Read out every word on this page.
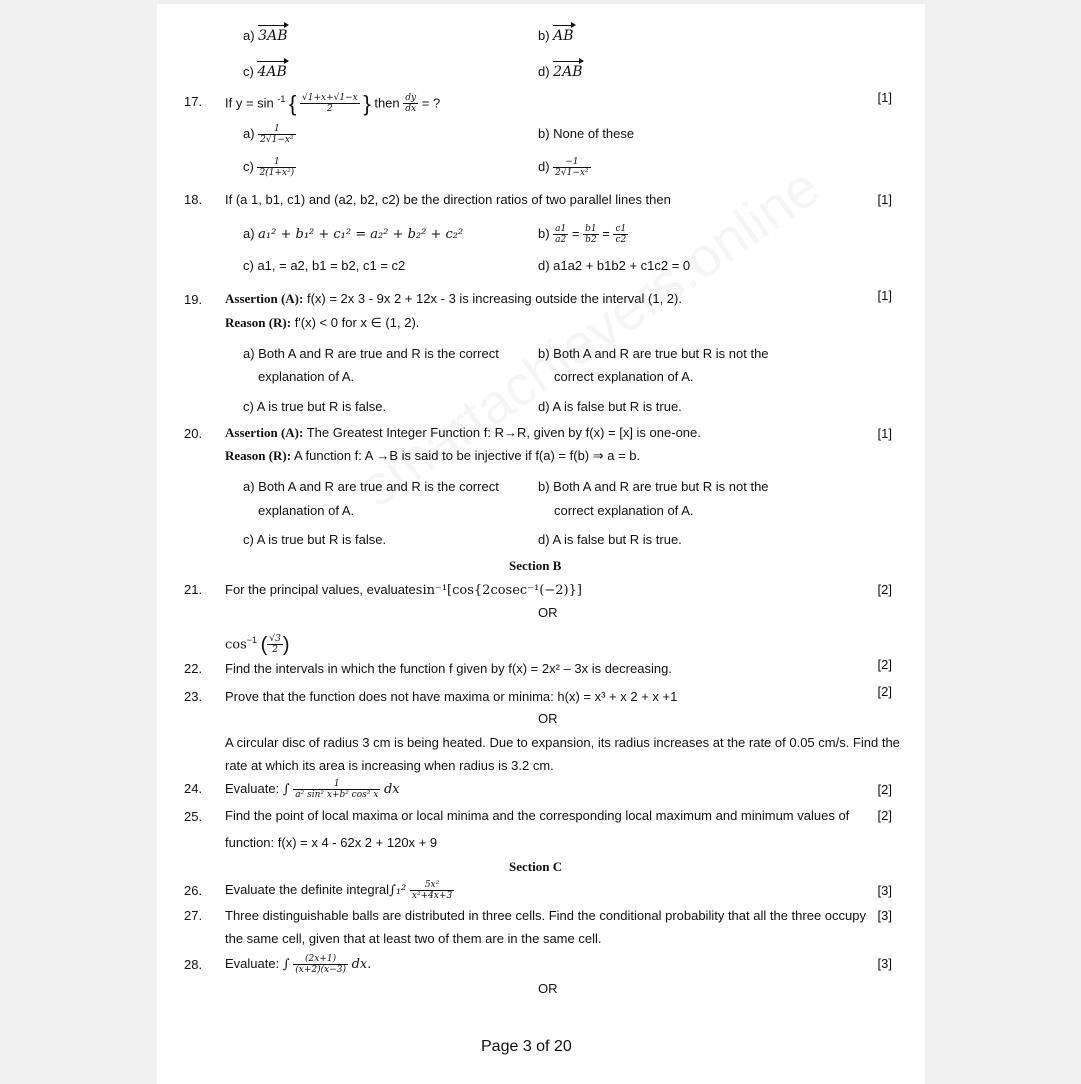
a) 3AB	b) AB
c) 4AB	d) 2AB
17. If y = sin $^{-1}$ { $\frac{√1+x+√1-x}{2}$ } then $\frac{dy}{dx}$ = ?	[1]
$a) \frac{1}{\text{2√1−x²}}$	b) None of these
$c) \frac{1}{\text{2(1+x²)}}$	$d) \frac{-1}{\text{2√1−x²}}$
18. If (a 1, b1, c1) and (a2, b2, c2) be the direction ratios of two parallel lines then	[1]
a) a₁² + b₁² + c₁² = a₂² + b₂² + c₂²	$b) \frac{a1}{a2} = \frac{b1}{b2} = \frac{c1}{c2}$
c) a1, = a2, b1 = b2, c1 = c2	d) a1a2 + b1b2 + c1c2 = 0
19. Assertion (A): f(x) = 2x 3 - 9x 2 + 12x - 3 is increasing outside the interval (1, 2).	[1]
Reason (R): f'(x) < 0 for x ∈ (1, 2).
a) Both A and R are true and R is the correct
explanation of A.
b) Both A and R are true but R is not the
correct explanation of A.
c) A is true but R is false.	d) A is false but R is true.
20. Assertion (A): The Greatest Integer Function f: R→R, given by f(x) = [x] is one-one.	[1]
Reason (R): A function f: A →B is said to be injective if f(a) = f(b) ⇒ a = b.
a) Both A and R are true and R is the correct
explanation of A.
b) Both A and R are true but R is not the
correct explanation of A.
c) A is true but R is false.	d) A is false but R is true.
Section B
21. For the principal values, evaluatesin⁻¹[cos{2cosec⁻¹(−2)}]	[2]
OR
$\cos^{-1}$ ( $\frac{√3}{2}$ )
22. Find the intervals in which the function f given by f(x) = 2x² – 3x is decreasing.	[2]
23. Prove that the function does not have maxima or minima: h(x) = x³ + x 2 + x +1	[2]
OR
A circular disc of radius 3 cm is being heated. Due to expansion, its radius increases at the rate of 0.05 cm/s. Find the
rate at which its area is increasing when radius is 3.2 cm.
24. Evaluate: ∫ $\frac{1}{\text{a² sin² x+b² cos² x}}$ dx	[2]
25. Find the point of local maxima or local minima and the corresponding local maximum and minimum values of [2]
function: f(x) = x 4 - 62x 2 + 120x + 9
Section C
26. Evaluate the definite integral∫₁² $\frac{\text{5x²}}{\text{x²+4x+3}}$	[3]
27. Three distinguishable balls are distributed in three cells. Find the conditional probability that all the three occupy [3]
the same cell, given that at least two of them are in the same cell.
28. Evaluate: ∫ $\frac{(2x+1)}{(x+2)(x-3)}$ dx.	[3]
OR
Page 3 of 20
